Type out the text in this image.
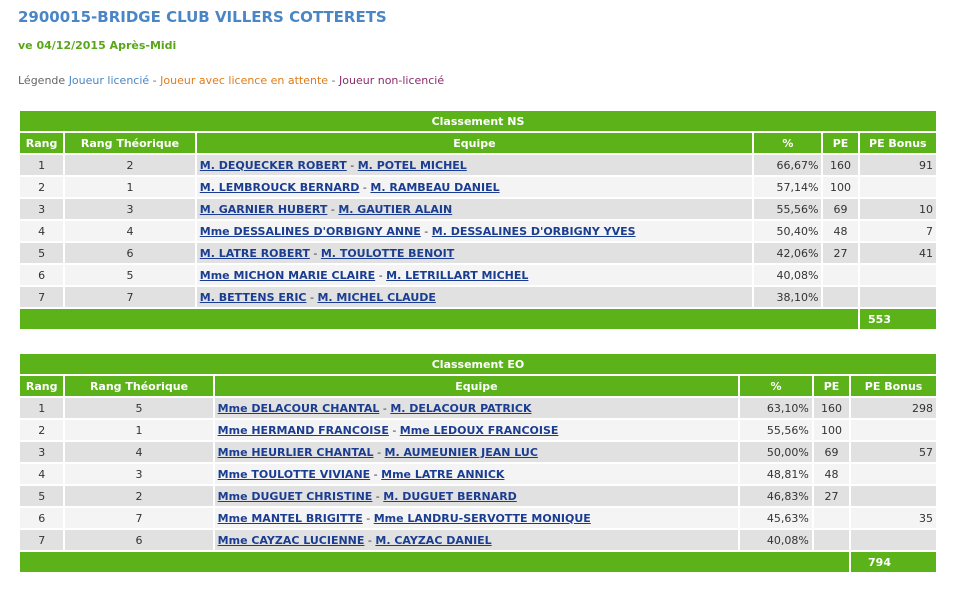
2900015-BRIDGE CLUB VILLERS COTTERETS
ve 04/12/2015 Après-Midi
Légende Joueur licencié - Joueur avec licence en attente - Joueur non-licencié
Classement NS					
Rang	Rang Théorique	Equipe	%	PE	PE Bonus
1	2	M. DEQUECKER ROBERT - M. POTEL MICHEL	66,67%	160	91
2	1	M. LEMBROUCK BERNARD - M. RAMBEAU DANIEL	57,14%	100	
3	3	M. GARNIER HUBERT - M. GAUTIER ALAIN	55,56%	69	10
4	4	Mme DESSALINES D'ORBIGNY ANNE - M. DESSALINES D'ORBIGNY YVES	50,40%	48	7
5	6	M. LATRE ROBERT - M. TOULOTTE BENOIT	42,06%	27	41
6	5	Mme MICHON MARIE CLAIRE - M. LETRILLART MICHEL	40,08%		
7	7	M. BETTENS ERIC - M. MICHEL CLAUDE	38,10%		
					553
Classement EO					
Rang	Rang Théorique	Equipe	%	PE	PE Bonus
1	5	Mme DELACOUR CHANTAL - M. DELACOUR PATRICK	63,10%	160	298
2	1	Mme HERMAND FRANCOISE - Mme LEDOUX FRANCOISE	55,56%	100	
3	4	Mme HEURLIER CHANTAL - M. AUMEUNIER JEAN LUC	50,00%	69	57
4	3	Mme TOULOTTE VIVIANE - Mme LATRE ANNICK	48,81%	48	
5	2	Mme DUGUET CHRISTINE - M. DUGUET BERNARD	46,83%	27	
6	7	Mme MANTEL BRIGITTE - Mme LANDRU-SERVOTTE MONIQUE	45,63%		35
7	6	Mme CAYZAC LUCIENNE - M. CAYZAC DANIEL	40,08%		
					794
